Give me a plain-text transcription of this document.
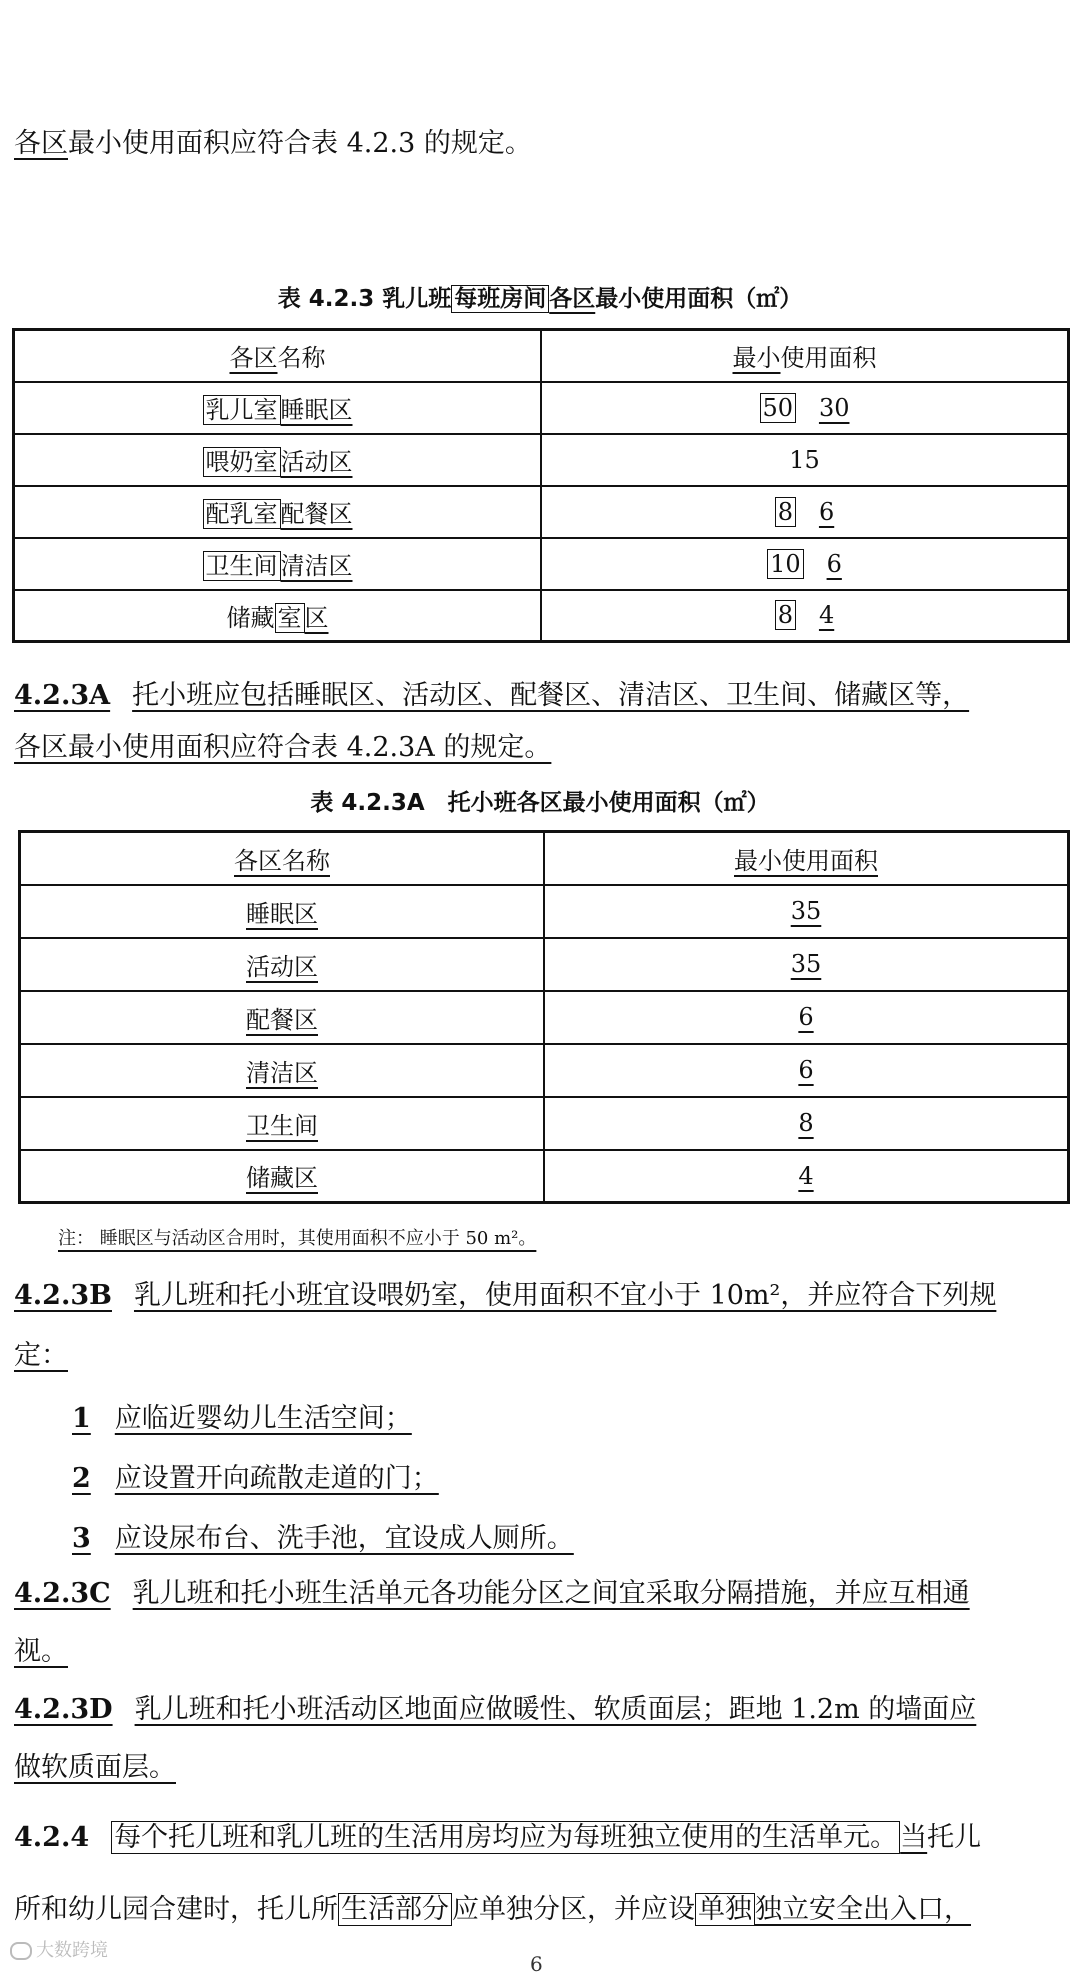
各区最小使用面积应符合表 4.2.3 的规定。
表 4.2.3 乳儿班 每班房间 各区最小使用面积（㎡）
各区名称	最小使用面积
乳儿室 睡眠区	50 30
喂奶室 活动区	15
配乳室 配餐区	8 6
卫生间 清洁区	10 6
储藏 室 区	8 4
4.2.3A 托小班应包括睡眠区、活动区、配餐区、清洁区、卫生间、储藏区等，
各区最小使用面积应符合表 4.2.3A 的规定。
表 4.2.3A　托小班各区最小使用面积（㎡）
各区名称	最小使用面积
睡眠区	35
活动区	35
配餐区	6
清洁区	6
卫生间	8
储藏区	4
注： 睡眠区与活动区合用时，其使用面积不应小于 50 m²。
4.2.3B 乳儿班和托小班宜设喂奶室，使用面积不宜小于 10m²，并应符合下列规
定：
1 应临近婴幼儿生活空间；
2 应设置开向疏散走道的门；
3 应设尿布台、洗手池，宜设成人厕所。
4.2.3C 乳儿班和托小班生活单元各功能分区之间宜采取分隔措施，并应互相通
视。
4.2.3D 乳儿班和托小班活动区地面应做暖性、软质面层；距地 1.2m 的墙面应
做软质面层。
4.2.4 每个托儿班和乳儿班的生活用房均应为每班独立使用的生活单元。 当托儿
所和幼儿园合建时，托儿所 生活部分 应单独分区，并应设 单独 独立安全出入口，
大数跨境
6
